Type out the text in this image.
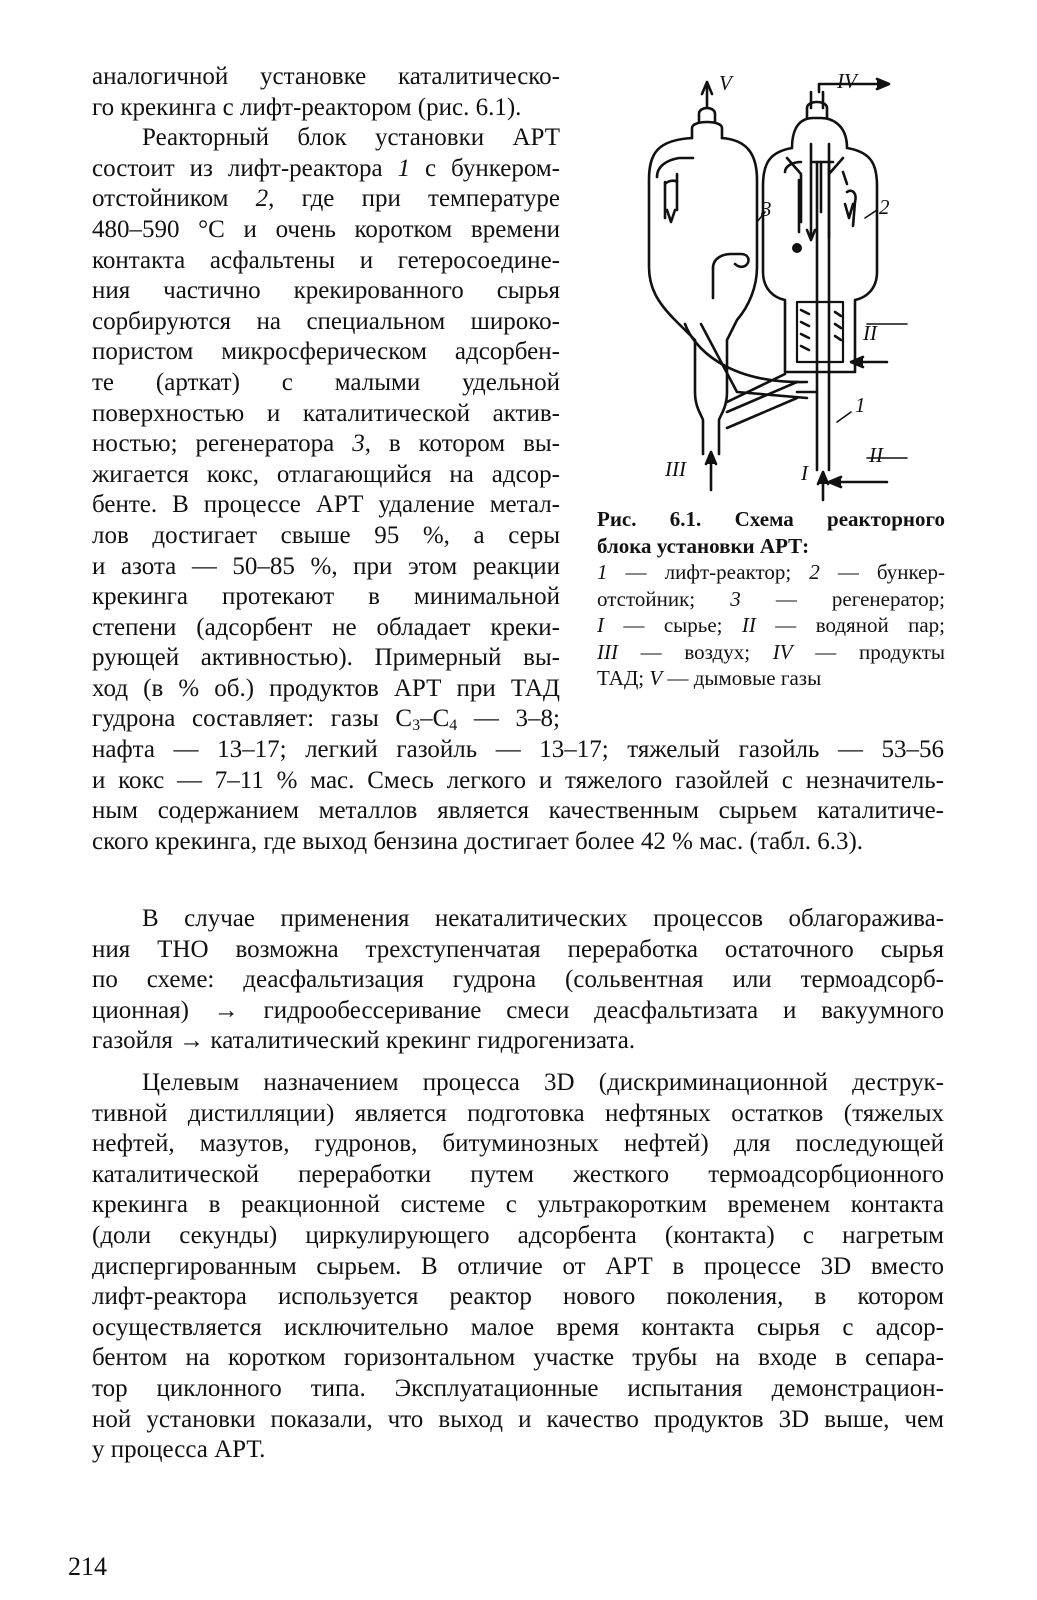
аналогичной установке каталитическо-
го крекинга с лифт-реактором (рис. 6.1).
Реакторный блок установки АРТ
состоит из лифт-реактора 1 с бункером-
отстойником 2, где при температуре
480–590 °С и очень коротком времени
контакта асфальтены и гетеросоедине-
ния частично крекированного сырья
сорбируются на специальном широко-
пористом микросферическом адсорбен-
те (арткат) с малыми удельной
поверхностью и каталитической актив-
ностью; регенератора 3, в котором вы-
жигается кокс, отлагающийся на адсор-
бенте. В процессе АРТ удаление метал-
лов достигает свыше 95 %, а серы
и азота — 50–85 %, при этом реакции
крекинга протекают в минимальной
степени (адсорбент не обладает креки-
рующей активностью). Примерный вы-
ход (в % об.) продуктов АРТ при ТАД
гудрона составляет: газы $С_3-С_4$ — 3–8;
V	IV
3	2
II
1
III	I
II
Рис. 6.1. Схема реакторного
блока установки АРТ:
1 — лифт-реактор; 2 — бункер-
отстойник; 3 — регенератор;
I — сырье; II — водяной пар;
III — воздух; IV — продукты
ТАД; V — дымовые газы
нафта — 13–17; легкий газойль — 13–17; тяжелый газойль — 53–56
и кокс — 7–11 % мас. Смесь легкого и тяжелого газойлей с незначитель-
ным содержанием металлов является качественным сырьем каталитиче-
ского крекинга, где выход бензина достигает более 42 % мас. (табл. 6.3).
В случае применения некаталитических процессов облагоражива-
ния ТНО возможна трехступенчатая переработка остаточного сырья
по схеме: деасфальтизация гудрона (сольвентная или термоадсорб-
ционная) → гидрообессеривание смеси деасфальтизата и вакуумного
газойля → каталитический крекинг гидрогенизата.
Целевым назначением процесса 3D (дискриминационной деструк-
тивной дистилляции) является подготовка нефтяных остатков (тяжелых
нефтей, мазутов, гудронов, битуминозных нефтей) для последующей
каталитической переработки путем жесткого термоадсорбционного
крекинга в реакционной системе с ультракоротким временем контакта
(доли секунды) циркулирующего адсорбента (контакта) с нагретым
диспергированным сырьем. В отличие от АРТ в процессе 3D вместо
лифт-реактора используется реактор нового поколения, в котором
осуществляется исключительно малое время контакта сырья с адсор-
бентом на коротком горизонтальном участке трубы на входе в сепара-
тор циклонного типа. Эксплуатационные испытания демонстрацион-
ной установки показали, что выход и качество продуктов 3D выше, чем
у процесса АРТ.
214
